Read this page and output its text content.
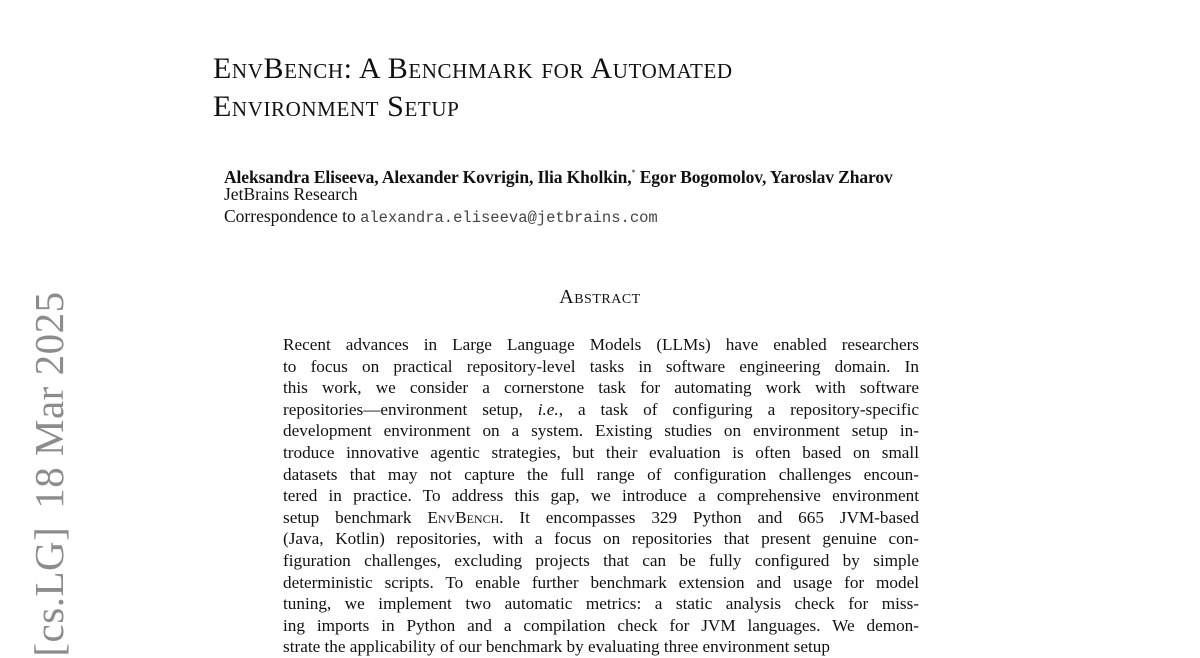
[cs.LG]18 Mar 2025
EnvBench: A Benchmark for Automated
Environment Setup
Aleksandra Eliseeva, Alexander Kovrigin, Ilia Kholkin,* Egor Bogomolov, Yaroslav Zharov
JetBrains Research
Correspondence to alexandra.eliseeva@jetbrains.com
Abstract
Recent advances in Large Language Models (LLMs) have enabled researchers
to focus on practical repository-level tasks in software engineering domain. In
this work, we consider a cornerstone task for automating work with software
repositories—environment setup, i.e., a task of configuring a repository-specific
development environment on a system. Existing studies on environment setup in-
troduce innovative agentic strategies, but their evaluation is often based on small
datasets that may not capture the full range of configuration challenges encoun-
tered in practice. To address this gap, we introduce a comprehensive environment
setup benchmark EnvBench. It encompasses 329 Python and 665 JVM-based
(Java, Kotlin) repositories, with a focus on repositories that present genuine con-
figuration challenges, excluding projects that can be fully configured by simple
deterministic scripts. To enable further benchmark extension and usage for model
tuning, we implement two automatic metrics: a static analysis check for miss-
ing imports in Python and a compilation check for JVM languages. We demon-
strate the applicability of our benchmark by evaluating three environment setup
